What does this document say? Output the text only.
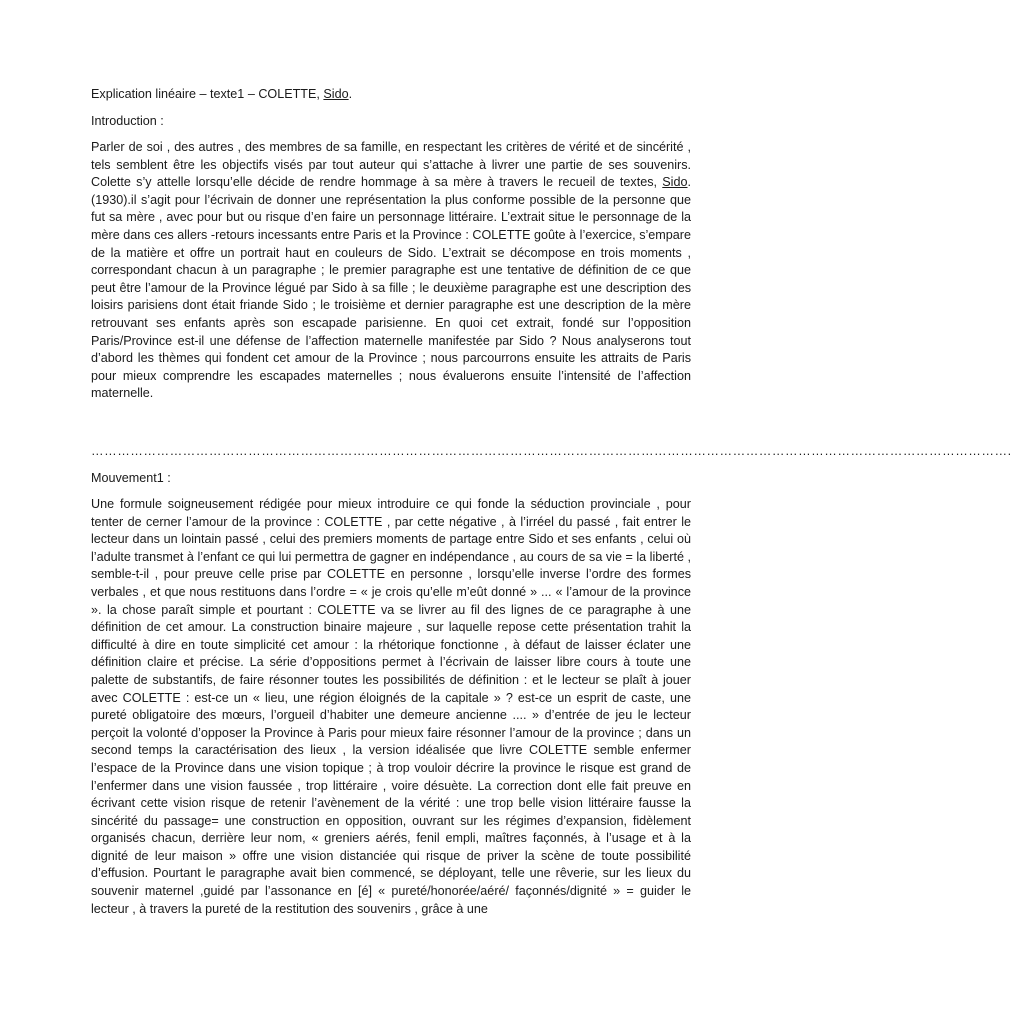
Explication linéaire – texte1 – COLETTE, Sido.
Introduction :
Parler de soi , des autres , des membres de sa famille, en respectant les critères de vérité et de sincérité , tels semblent être les objectifs visés par tout auteur qui s’attache à livrer une partie de ses souvenirs. Colette s’y attelle lorsqu’elle décide de rendre hommage à sa mère à travers le recueil de textes, Sido.(1930).il s’agit pour l’écrivain de donner une représentation la plus conforme possible de la personne que fut sa mère , avec pour but ou risque d’en faire un personnage littéraire. L’extrait situe le personnage de la mère dans ces allers -retours incessants entre Paris et la Province : COLETTE goûte à l’exercice, s’empare de la matière et offre un portrait haut en couleurs de Sido. L’extrait se décompose en trois moments , correspondant chacun à un paragraphe ; le premier paragraphe est une tentative de définition de ce que peut être l’amour de la Province légué par Sido à sa fille ; le deuxième paragraphe est une description des loisirs parisiens dont était friande Sido ; le troisième et dernier paragraphe est une description de la mère retrouvant ses enfants après son escapade parisienne. En quoi cet extrait, fondé sur l’opposition Paris/Province est-il une défense de l’affection maternelle manifestée par Sido ? Nous analyserons tout d’abord les thèmes qui fondent cet amour de la Province ; nous parcourrons ensuite les attraits de Paris pour mieux comprendre les escapades maternelles ; nous évaluerons ensuite l’intensité de l’affection maternelle.
………………………………………………………………………………………………………………………………………………………………………………………….
Mouvement1 :
Une formule soigneusement rédigée pour mieux introduire ce qui fonde la séduction provinciale , pour tenter de cerner l’amour de la province : COLETTE , par cette négative , à l’irréel du passé , fait entrer le lecteur dans un lointain passé , celui des premiers moments de partage entre Sido et ses enfants , celui où l’adulte transmet à l’enfant ce qui lui permettra de gagner en indépendance , au cours de sa vie = la liberté , semble-t-il , pour preuve celle prise par COLETTE en personne , lorsqu’elle inverse l’ordre des formes verbales , et que nous restituons dans l’ordre = « je crois qu’elle m’eût donné » ... « l’amour de la province ». la chose paraît simple et pourtant : COLETTE va se livrer au fil des lignes de ce paragraphe à une définition de cet amour. La construction binaire majeure , sur laquelle repose cette présentation trahit la difficulté à dire en toute simplicité cet amour : la rhétorique fonctionne , à défaut de laisser éclater une définition claire et précise. La série d’oppositions permet à l’écrivain de laisser libre cours à toute une palette de substantifs, de faire résonner toutes les possibilités de définition : et le lecteur se plaît à jouer avec COLETTE : est-ce un « lieu, une région éloignés de la capitale » ? est-ce un esprit de caste, une pureté obligatoire des mœurs, l’orgueil d’habiter une demeure ancienne .... » d’entrée de jeu le lecteur perçoit la volonté d’opposer la Province à Paris pour mieux faire résonner l’amour de la province ; dans un second temps la caractérisation des lieux , la version idéalisée que livre COLETTE semble enfermer l’espace de la Province dans une vision topique ; à trop vouloir décrire la province le risque est grand de l’enfermer dans une vision faussée , trop littéraire , voire désuète. La correction dont elle fait preuve en écrivant cette vision risque de retenir l’avènement de la vérité : une trop belle vision littéraire fausse la sincérité du passage= une construction en opposition, ouvrant sur les régimes d’expansion, fidèlement organisés chacun, derrière leur nom, « greniers aérés, fenil empli, maîtres façonnés, à l’usage et à la dignité de leur maison » offre une vision distanciée qui risque de priver la scène de toute possibilité d’effusion. Pourtant le paragraphe avait bien commencé, se déployant, telle une rêverie, sur les lieux du souvenir maternel ,guidé par l’assonance en [é] « pureté/honorée/aéré/ façonnés/dignité » = guider le lecteur , à travers la pureté de la restitution des souvenirs , grâce à une
